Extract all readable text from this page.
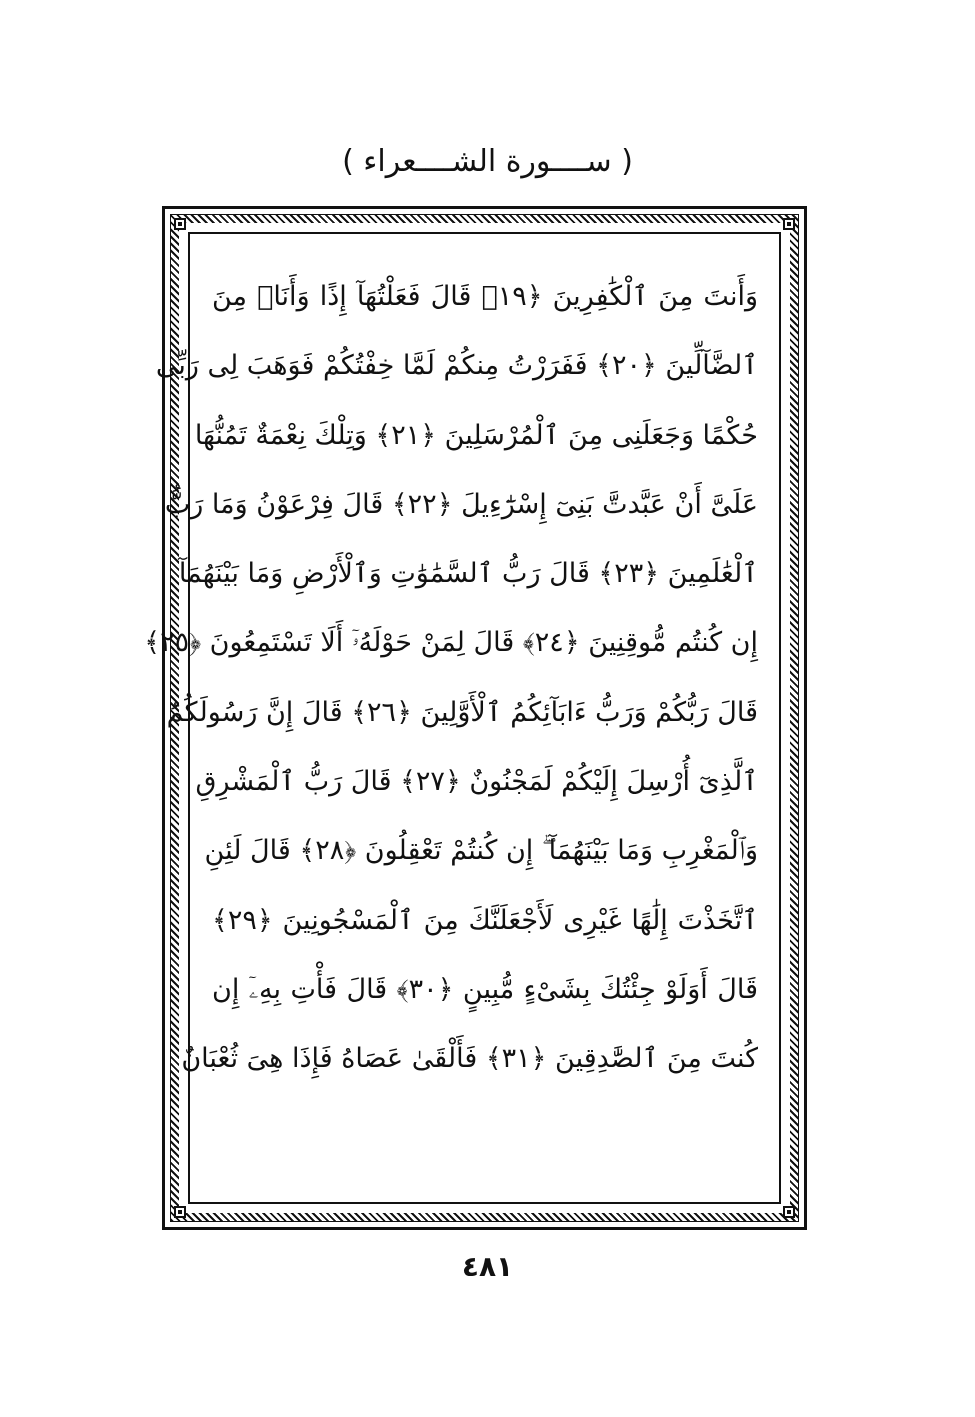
( ســــورة الشــــعراء )
وَأَنتَ مِنَ ٱلْكَٰفِرِينَ ﴿١٩﴾ قَالَ فَعَلْتُهَآ إِذًا وَأَنَا۠ مِنَ
ٱلضَّآلِّينَ ﴿٢٠﴾ فَفَرَرْتُ مِنكُمْ لَمَّا خِفْتُكُمْ فَوَهَبَ لِى رَبِّى
حُكْمًا وَجَعَلَنِى مِنَ ٱلْمُرْسَلِينَ ﴿٢١﴾ وَتِلْكَ نِعْمَةٌ تَمُنُّهَا
عَلَىَّ أَنْ عَبَّدتَّ بَنِىٓ إِسْرَٰٓءِيلَ ﴿٢٢﴾ قَالَ فِرْعَوْنُ وَمَا رَبُّ
ٱلْعَٰلَمِينَ ﴿٢٣﴾ قَالَ رَبُّ ٱلسَّمَٰوَٰتِ وَٱلْأَرْضِ وَمَا بَيْنَهُمَآ
إِن كُنتُم مُّوقِنِينَ ﴿٢٤﴾ قَالَ لِمَنْ حَوْلَهُۥٓ أَلَا تَسْتَمِعُونَ ﴿٢٥﴾
قَالَ رَبُّكُمْ وَرَبُّ ءَابَآئِكُمُ ٱلْأَوَّلِينَ ﴿٢٦﴾ قَالَ إِنَّ رَسُولَكُمُ
ٱلَّذِىٓ أُرْسِلَ إِلَيْكُمْ لَمَجْنُونٌ ﴿٢٧﴾ قَالَ رَبُّ ٱلْمَشْرِقِ
وَٱلْمَغْرِبِ وَمَا بَيْنَهُمَآ ۖ إِن كُنتُمْ تَعْقِلُونَ ﴿٢٨﴾ قَالَ لَئِنِ
ٱتَّخَذْتَ إِلَٰهًا غَيْرِى لَأَجْعَلَنَّكَ مِنَ ٱلْمَسْجُونِينَ ﴿٢٩﴾
قَالَ أَوَلَوْ جِئْتُكَ بِشَىْءٍ مُّبِينٍ ﴿٣٠﴾ قَالَ فَأْتِ بِهِۦٓ إِن
كُنتَ مِنَ ٱلصَّٰدِقِينَ ﴿٣١﴾ فَأَلْقَىٰ عَصَاهُ فَإِذَا هِىَ ثُعْبَانٌ
٤٨١
